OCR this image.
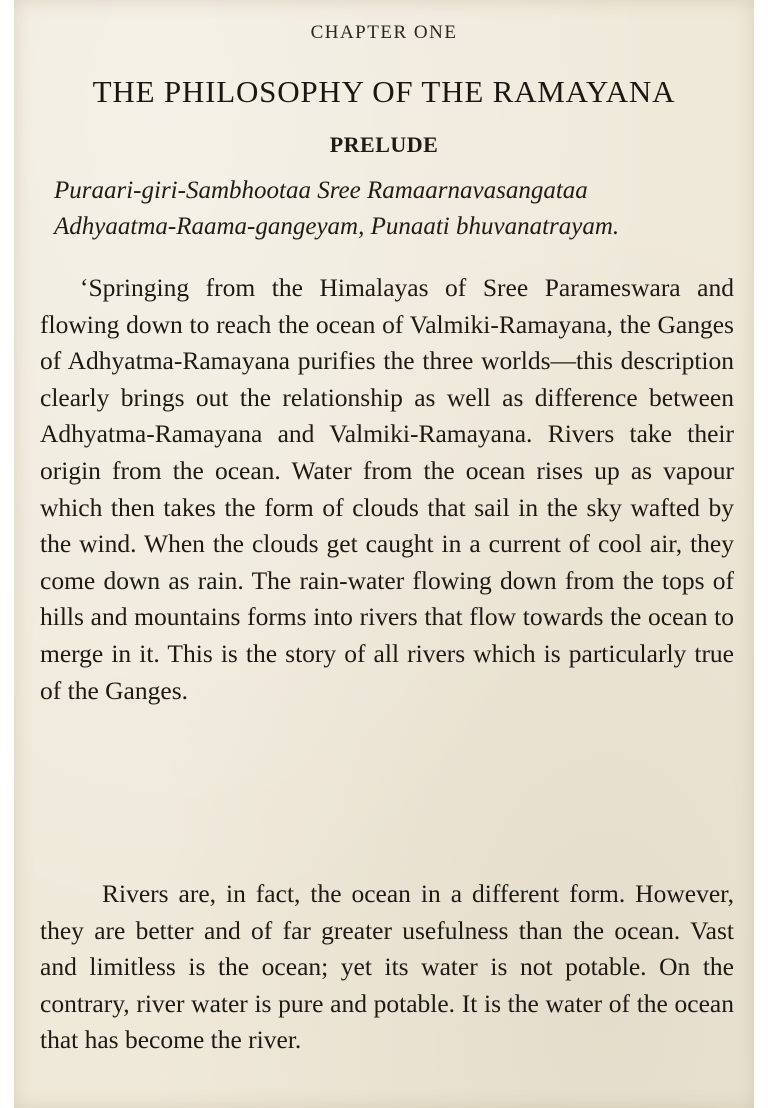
CHAPTER ONE
THE PHILOSOPHY OF THE RAMAYANA
PRELUDE
Puraari-giri-Sambhootaa Sree Ramaarnavasangataa
Adhyaatma-Raama-gangeyam, Punaati bhuvanatrayam.

‘Springing from the Himalayas of Sree Parameswara and flowing down to reach the ocean of Valmiki-Ramayana, the Ganges of Adhyatma-Ramayana purifies the three worlds—this description clearly brings out the relationship as well as difference between Adhyatma-Ramayana and Valmiki-Ramayana. Rivers take their origin from the ocean. Water from the ocean rises up as vapour which then takes the form of clouds that sail in the sky wafted by the wind. When the clouds get caught in a current of cool air, they come down as rain. The rain-water flowing down from the tops of hills and mountains forms into rivers that flow towards the ocean to merge in it. This is the story of all rivers which is particularly true of the Ganges.

Rivers are, in fact, the ocean in a different form. However, they are better and of far greater usefulness than the ocean. Vast and limitless is the ocean; yet its water is not potable. On the contrary, river water is pure and potable. It is the water of the ocean that has become the river.
